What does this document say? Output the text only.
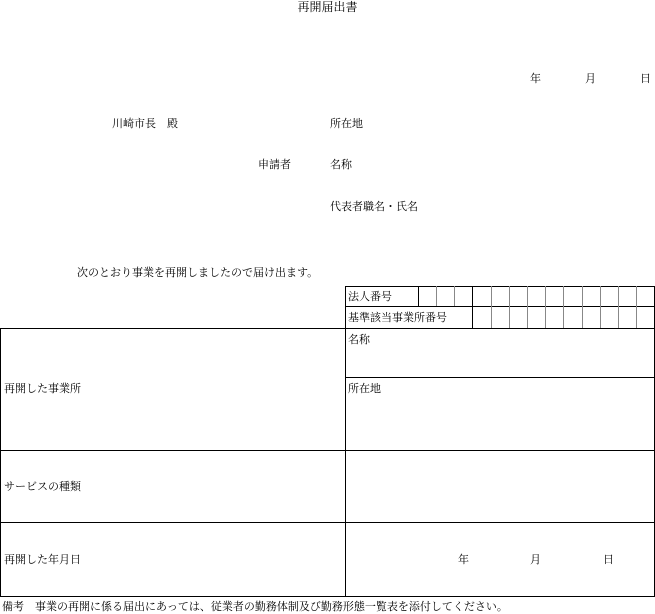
再開届出書
年	月	日
川崎市長　殿	所在地
申請者	名称
代表者職名・氏名
次のとおり事業を再開しましたので届け出ます。
法人番号
基準該当事業所番号
再開した事業所
名称
所在地
サービスの種類
再開した年月日	年	月	日
備考　事業の再開に係る届出にあっては、従業者の勤務体制及び勤務形態一覧表を添付してください。
